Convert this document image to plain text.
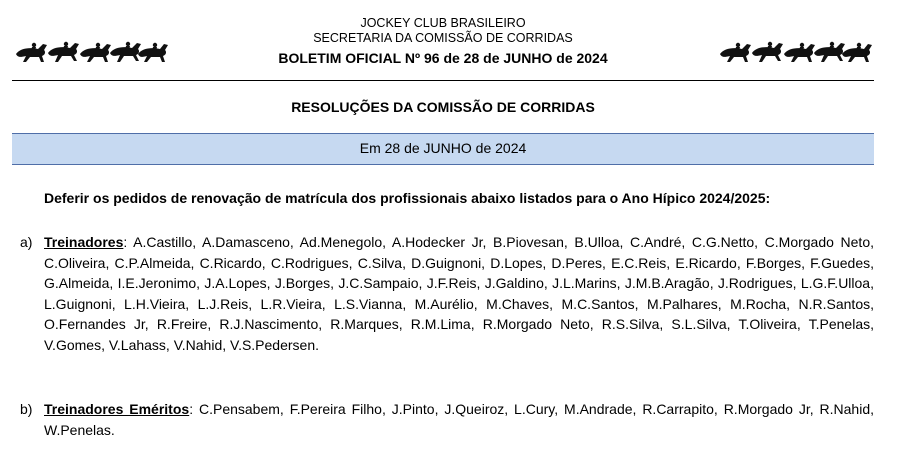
JOCKEY CLUB BRASILEIRO
SECRETARIA DA COMISSÃO DE CORRIDAS
BOLETIM OFICIAL Nº 96 de 28 de JUNHO de 2024
RESOLUÇÕES DA COMISSÃO DE CORRIDAS
Em 28 de JUNHO de 2024
Deferir os pedidos de renovação de matrícula dos profissionais abaixo listados para o Ano Hípico 2024/2025:
a) Treinadores: A.Castillo, A.Damasceno, Ad.Menegolo, A.Hodecker Jr, B.Piovesan, B.Ulloa, C.André, C.G.Netto, C.Morgado Neto, C.Oliveira, C.P.Almeida, C.Ricardo, C.Rodrigues, C.Silva, D.Guignoni, D.Lopes, D.Peres, E.C.Reis, E.Ricardo, F.Borges, F.Guedes, G.Almeida, I.E.Jeronimo, J.A.Lopes, J.Borges, J.C.Sampaio, J.F.Reis, J.Galdino, J.L.Marins, J.M.B.Aragão, J.Rodrigues, L.G.F.Ulloa, L.Guignoni, L.H.Vieira, L.J.Reis, L.R.Vieira, L.S.Vianna, M.Aurélio, M.Chaves, M.C.Santos, M.Palhares, M.Rocha, N.R.Santos, O.Fernandes Jr, R.Freire, R.J.Nascimento, R.Marques, R.M.Lima, R.Morgado Neto, R.S.Silva, S.L.Silva, T.Oliveira, T.Penelas, V.Gomes, V.Lahass, V.Nahid, V.S.Pedersen.
b) Treinadores Eméritos: C.Pensabem, F.Pereira Filho, J.Pinto, J.Queiroz, L.Cury, M.Andrade, R.Carrapito, R.Morgado Jr, R.Nahid, W.Penelas.
